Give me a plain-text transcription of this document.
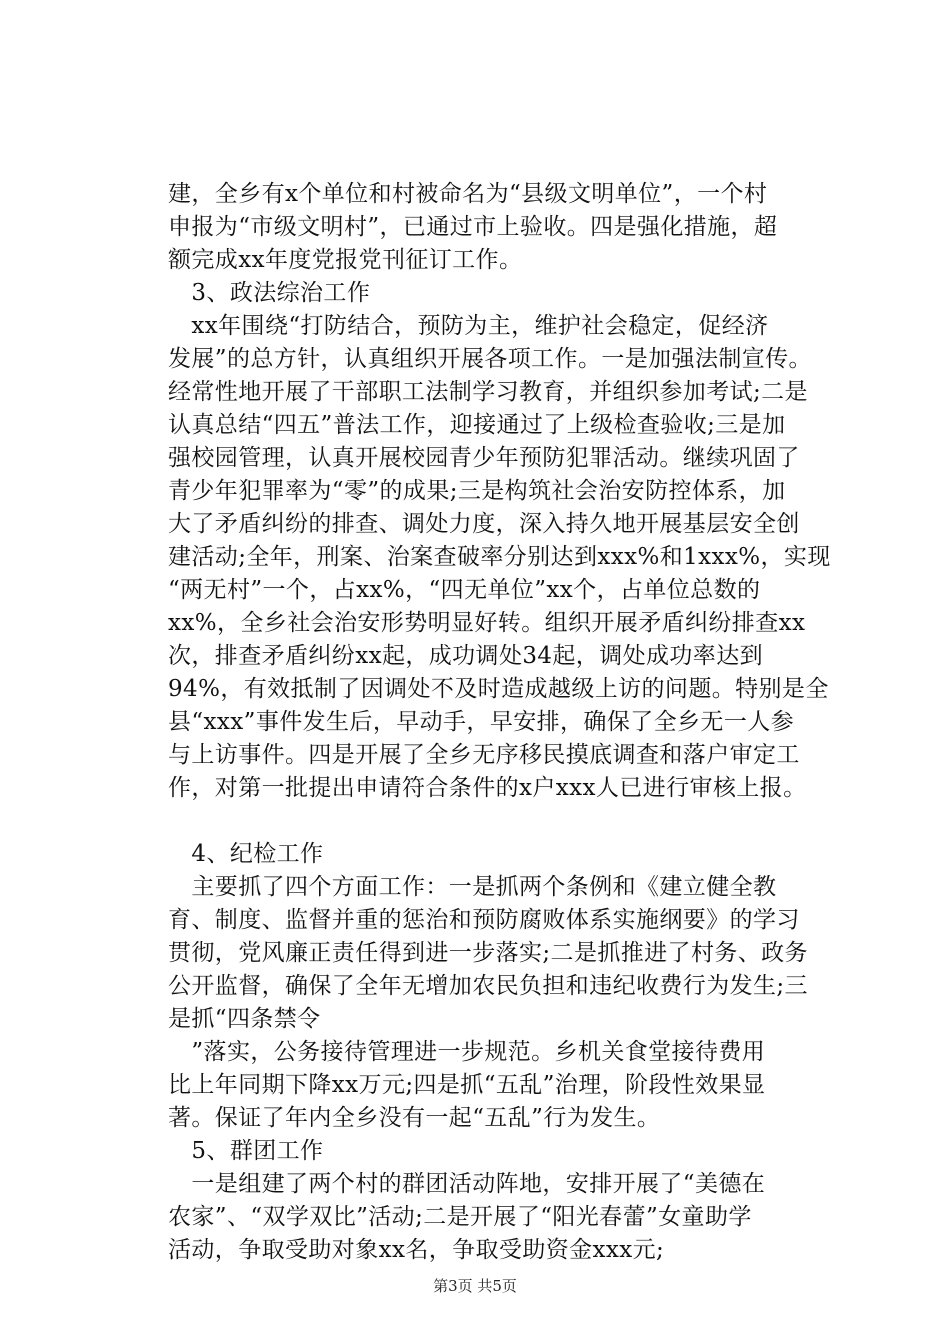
建，全乡有x个单位和村被命名为“县级文明单位”，一个村
申报为“市级文明村”，已通过市上验收。四是强化措施，超
额完成xx年度党报党刊征订工作。
　3、政法综治工作
　xx年围绕“打防结合，预防为主，维护社会稳定，促经济
发展”的总方针，认真组织开展各项工作。一是加强法制宣传。
经常性地开展了干部职工法制学习教育，并组织参加考试;二是
认真总结“四五”普法工作，迎接通过了上级检查验收;三是加
强校园管理，认真开展校园青少年预防犯罪活动。继续巩固了
青少年犯罪率为“零”的成果;三是构筑社会治安防控体系，加
大了矛盾纠纷的排查、调处力度，深入持久地开展基层安全创
建活动;全年，刑案、治案查破率分别达到xxx%和1xxx%，实现
“两无村”一个，占xx%，“四无单位”xx个，占单位总数的
xx%，全乡社会治安形势明显好转。组织开展矛盾纠纷排查xx
次，排查矛盾纠纷xx起，成功调处34起，调处成功率达到
94%，有效抵制了因调处不及时造成越级上访的问题。特别是全
县“xxx”事件发生后，早动手，早安排，确保了全乡无一人参
与上访事件。四是开展了全乡无序移民摸底调查和落户审定工
作，对第一批提出申请符合条件的x户xxx人已进行审核上报。
　4、纪检工作
　主要抓了四个方面工作：一是抓两个条例和《建立健全教
育、制度、监督并重的惩治和预防腐败体系实施纲要》的学习
贯彻，党风廉正责任得到进一步落实;二是抓推进了村务、政务
公开监督，确保了全年无增加农民负担和违纪收费行为发生;三
是抓“四条禁令
　”落实，公务接待管理进一步规范。乡机关食堂接待费用
比上年同期下降xx万元;四是抓“五乱”治理，阶段性效果显
著。保证了年内全乡没有一起“五乱”行为发生。
　5、群团工作
　一是组建了两个村的群团活动阵地，安排开展了“美德在
农家”、“双学双比”活动;二是开展了“阳光春蕾”女童助学
活动，争取受助对象xx名，争取受助资金xxx元;
第3页 共5页
